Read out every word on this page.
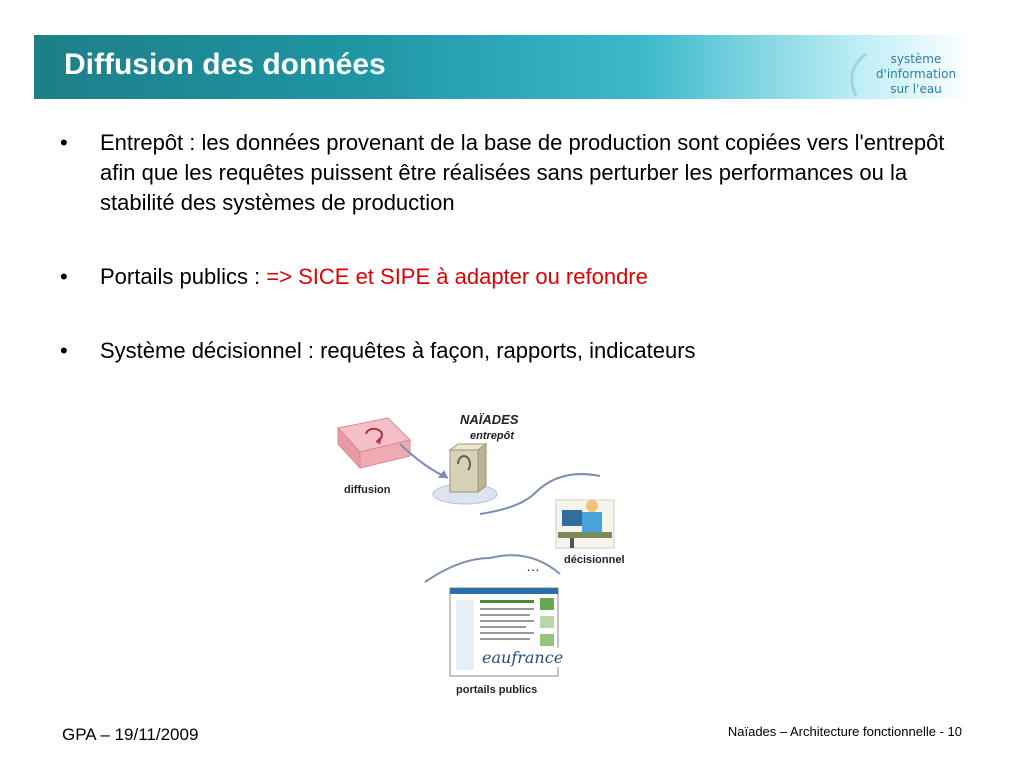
Diffusion des données	système
d'information
sur l'eau
• Entrepôt : les données provenant de la base de production sont copiées vers l'entrepôt afin que les requêtes puissent être réalisées sans perturber les performances ou la stabilité des systèmes de production
• Portails publics : => SICE et SIPE à adapter ou refondre
• Système décisionnel : requêtes à façon, rapports, indicateurs
NAÏADES
entrepôt
diffusion
décisionnel
…
eaufrance
portails publics
GPA – 19/11/2009	Naïades – Architecture fonctionnelle - 10
